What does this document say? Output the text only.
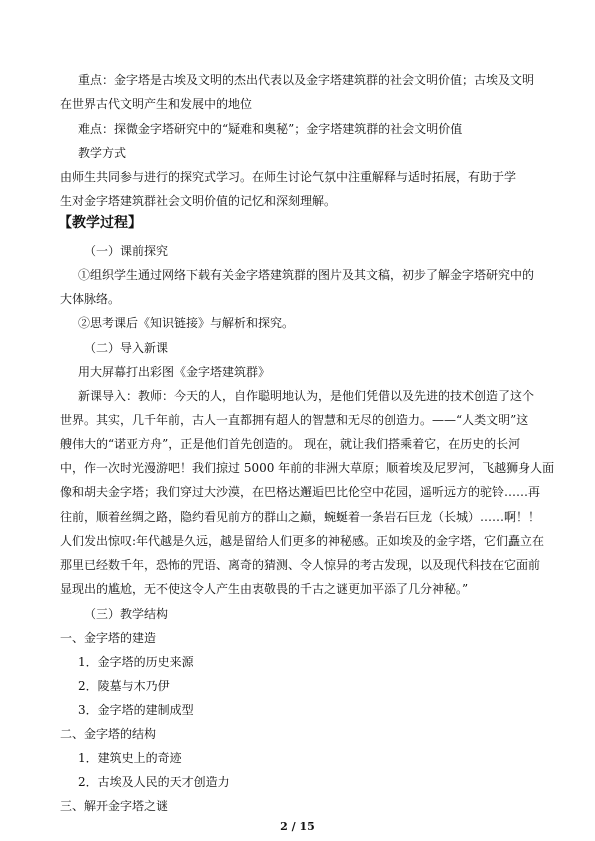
重点：金字塔是古埃及文明的杰出代表以及金字塔建筑群的社会文明价值；古埃及文明
在世界古代文明产生和发展中的地位
难点：探微金字塔研究中的“疑难和奥秘”；金字塔建筑群的社会文明价值
教学方式
由师生共同参与进行的探究式学习。在师生讨论气氛中注重解释与适时拓展，有助于学
生对金字塔建筑群社会文明价值的记忆和深刻理解。
【教学过程】
（一）课前探究
①组织学生通过网络下载有关金字塔建筑群的图片及其文稿，初步了解金字塔研究中的
大体脉络。
②思考课后《知识链接》与解析和探究。
（二）导入新课
用大屏幕打出彩图《金字塔建筑群》
新课导入：教师：今天的人，自作聪明地认为，是他们凭借以及先进的技术创造了这个
世界。其实，几千年前，古人一直都拥有超人的智慧和无尽的创造力。——“人类文明”这
艘伟大的“诺亚方舟”，正是他们首先创造的。 现在，就让我们搭乘着它，在历史的长河
中，作一次时光漫游吧！我们掠过 5000 年前的非洲大草原；顺着埃及尼罗河，飞越狮身人面
像和胡夫金字塔；我们穿过大沙漠，在巴格达邂逅巴比伦空中花园，遥听远方的驼铃……再
往前，顺着丝绸之路，隐约看见前方的群山之巅，蜿蜒着一条岩石巨龙（长城）……啊！！
人们发出惊叹:年代越是久远，越是留给人们更多的神秘感。正如埃及的金字塔，它们矗立在
那里已经数千年，恐怖的咒语、离奇的猜测、令人惊异的考古发现，以及现代科技在它面前
显现出的尴尬，无不使这令人产生由衷敬畏的千古之谜更加平添了几分神秘。”
（三）教学结构
一、金字塔的建造
1．金字塔的历史来源
2．陵墓与木乃伊
3．金字塔的建制成型
二、金字塔的结构
1．建筑史上的奇迹
2．古埃及人民的天才创造力
三、解开金字塔之谜
2 / 15
